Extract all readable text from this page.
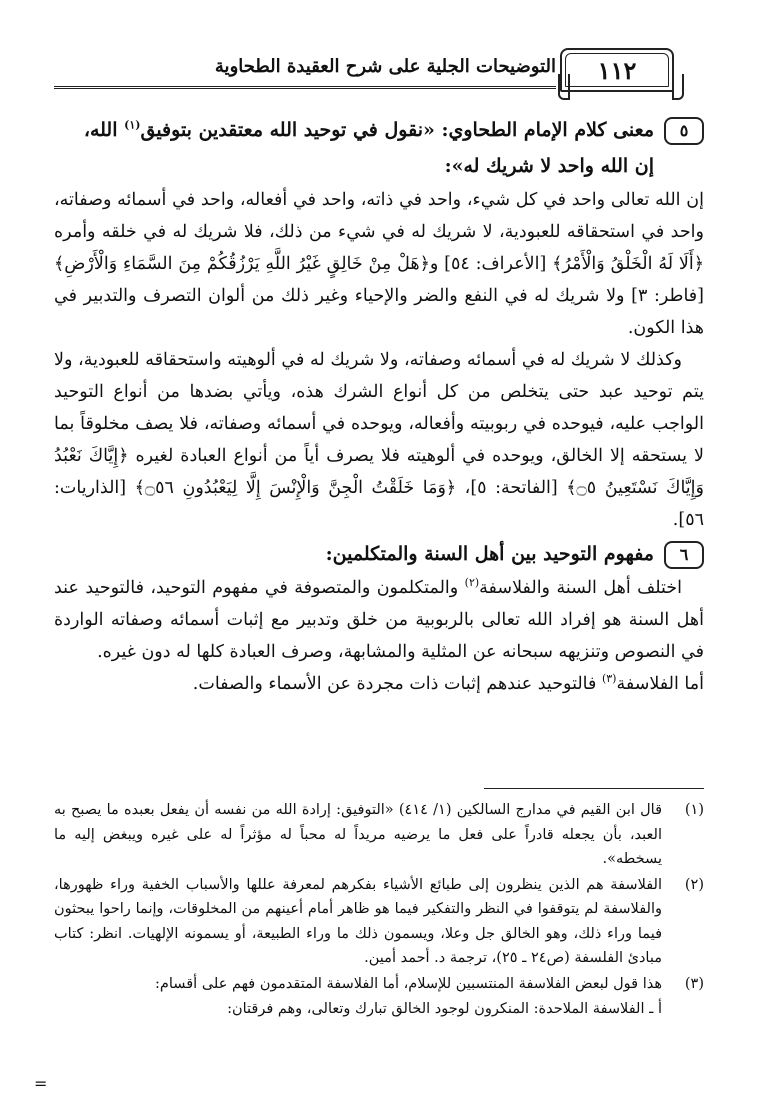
١١٢
التوضيحات الجلية على شرح العقيدة الطحاوية
٥
معنى كلام الإمام الطحاوي: «نقول في توحيد الله معتقدين بتوفيق$^{(١)}$ الله،
إن الله واحد لا شريك له»:

إن الله تعالى واحد في كل شيء، واحد في ذاته، واحد في أفعاله، واحد في أسمائه وصفاته، واحد في استحقاقه للعبودية، لا شريك له في شيء من ذلك، فلا شريك له في خلقه وأمره ﴿أَلَا لَهُ الْخَلْقُ وَالْأَمْرُ﴾ [الأعراف: ٥٤] و﴿هَلْ مِنْ خَالِقٍ غَيْرُ اللَّهِ يَرْزُقُكُمْ مِنَ السَّمَاءِ وَالْأَرْضِ﴾ [فاطر: ٣] ولا شريك له في النفع والضر والإحياء وغير ذلك من ألوان التصرف والتدبير في هذا الكون.

وكذلك لا شريك له في أسمائه وصفاته، ولا شريك له في ألوهيته واستحقاقه للعبودية، ولا يتم توحيد عبد حتى يتخلص من كل أنواع الشرك هذه، ويأتي بضدها من أنواع التوحيد الواجب عليه، فيوحده في ربوبيته وأفعاله، ويوحده في أسمائه وصفاته، فلا يصف مخلوقاً بما لا يستحقه إلا الخالق، ويوحده في ألوهيته فلا يصرف أياً من أنواع العبادة لغيره ﴿إِيَّاكَ نَعْبُدُ وَإِيَّاكَ نَسْتَعِينُ ۝٥﴾ [الفاتحة: ٥]، ﴿وَمَا خَلَقْتُ الْجِنَّ وَالْإِنْسَ إِلَّا لِيَعْبُدُونِ ۝٥٦﴾ [الذاريات: ٥٦].

٦
مفهوم التوحيد بين أهل السنة والمتكلمين:

اختلف أهل السنة والفلاسفة$^{(٢)}$ والمتكلمون والمتصوفة في مفهوم التوحيد، فالتوحيد عند أهل السنة هو إفراد الله تعالى بالربوبية من خلق وتدبير مع إثبات أسمائه وصفاته الواردة في النصوص وتنزيهه سبحانه عن المثلية والمشابهة، وصرف العبادة كلها له دون غيره.

أما الفلاسفة$^{(٣)}$ فالتوحيد عندهم إثبات ذات مجردة عن الأسماء والصفات.

(١)
قال ابن القيم في مدارج السالكين (١/ ٤١٤) «التوفيق: إرادة الله من نفسه أن يفعل بعبده ما يصبح به العبد، بأن يجعله قادراً على فعل ما يرضيه مريداً له محباً له مؤثراً له على غيره ويبغض إليه ما يسخطه».
(٢)
الفلاسفة هم الذين ينظرون إلى طبائع الأشياء بفكرهم لمعرفة عللها والأسباب الخفية وراء ظهورها، والفلاسفة لم يتوقفوا في النظر والتفكير فيما هو ظاهر أمام أعينهم من المخلوقات، وإنما راحوا يبحثون فيما وراء ذلك، وهو الخالق جل وعلا، ويسمون ذلك ما وراء الطبيعة، أو يسمونه الإلهيات. انظر: كتاب مبادئ الفلسفة (ص٢٤ ـ ٢٥)، ترجمة د. أحمد أمين.
(٣)
هذا قول لبعض الفلاسفة المنتسبين للإسلام، أما الفلاسفة المتقدمون فهم على أقسام:
أ ـ الفلاسفة الملاحدة: المنكرون لوجود الخالق تبارك وتعالى، وهم فرقتان:
=
